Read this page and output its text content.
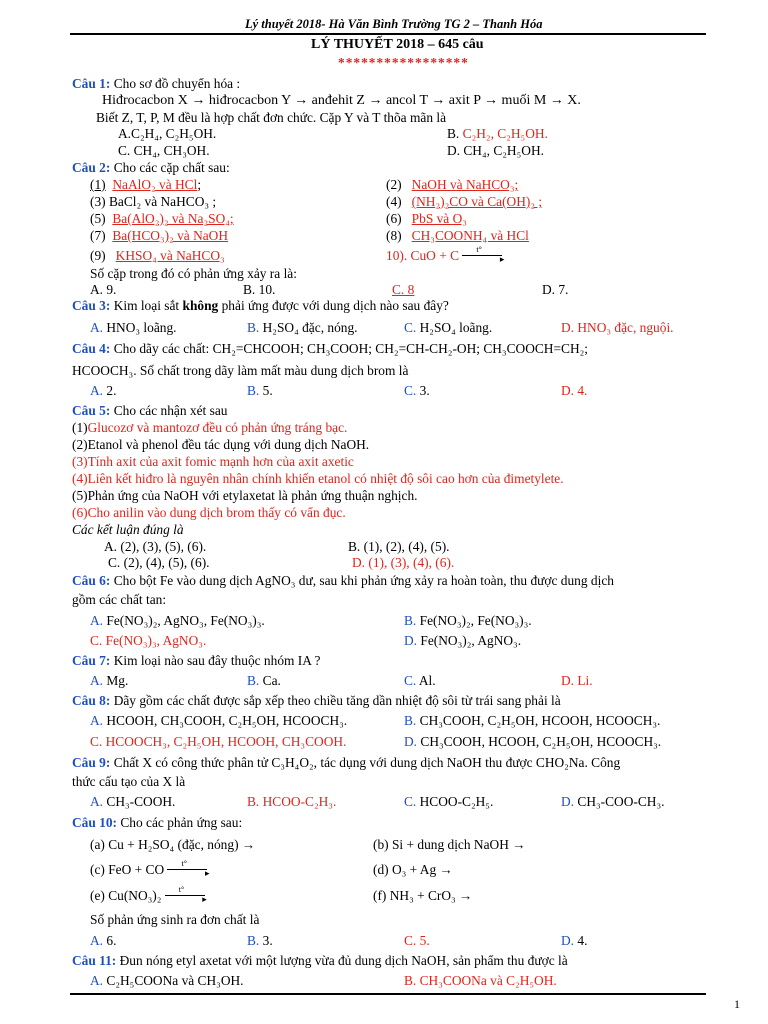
Lý thuyết 2018- Hà Văn Bình Trường TG 2 – Thanh Hóa
LÝ THUYẾT 2018 – 645 câu
*****************
Câu 1: Cho sơ đồ chuyển hóa :
Hiđrocacbon X → hiđrocacbon Y → anđehit Z → ancol T → axit P → muối M → X.
Biết Z, T, P, M đều là hợp chất đơn chức. Cặp Y và T thõa mãn là
A.C₂H₄, C₂H₅OH.	B. C₂H₂, C₂H₅OH.
C. CH₄, CH₃OH.	D. CH₄, C₂H₅OH.
Câu 2: Cho các cặp chất sau:
(1) NaAlO₂ và HCl;	(2) NaOH và NaHCO₃;
(3) BaCl₂ và NaHCO₃ ;	(4) (NH₂)₂CO và Ca(OH)₂ ;
(5) Ba(AlO₂)₂ và Na₂SO₄;	(6) PbS và O₃
(7) Ba(HCO₃)₂ và NaOH	(8) CH₃COONH₄ và HCl
(9) KHSO₄ và NaHCO₃	10). CuO + C t°
▸
Số cặp trong đó có phản ứng xảy ra là:
A. 9.	B. 10.	C. 8	D. 7.
Câu 3: Kim loại sắt không phải ứng được với dung dịch nào sau đây?
A. HNO₃ loãng.	B. H₂SO₄ đặc, nóng.	C. H₂SO₄ loãng.	D. HNO₃ đặc, nguội.
Câu 4: Cho dãy các chất: CH₂=CHCOOH; CH₃COOH; CH₂=CH-CH₂-OH; CH₃COOCH=CH₂;
HCOOCH₃. Số chất trong dãy làm mất màu dung dịch brom là
A. 2.	B. 5.	C. 3.	D. 4.
Câu 5: Cho các nhận xét sau
(1)Glucozơ và mantozơ đều có phản ứng tráng bạc.
(2)Etanol và phenol đều tác dụng với dung dịch NaOH.
(3)Tính axit của axit fomic mạnh hơn của axit axetic
(4)Liên kết hiđro là nguyên nhân chính khiến etanol có nhiệt độ sôi cao hơn của đimetylete.
(5)Phản ứng của NaOH với etylaxetat là phản ứng thuận nghịch.
(6)Cho anilin vào dung dịch brom thấy có vẩn đục.
Các kết luận đúng là
A. (2), (3), (5), (6).	B. (1), (2), (4), (5).
C. (2), (4), (5), (6).	D. (1), (3), (4), (6).
Câu 6: Cho bột Fe vào dung dịch AgNO₃ dư, sau khi phản ứng xảy ra hoàn toàn, thu được dung dịch
gồm các chất tan:
A. Fe(NO₃)₂, AgNO₃, Fe(NO₃)₃.	B. Fe(NO₃)₂, Fe(NO₃)₃.
C. Fe(NO₃)₃, AgNO₃.	D. Fe(NO₃)₂, AgNO₃.
Câu 7: Kim loại nào sau đây thuộc nhóm IA ?
A. Mg.	B. Ca.	C. Al.	D. Li.
Câu 8: Dãy gồm các chất được sắp xếp theo chiều tăng dần nhiệt độ sôi từ trái sang phải là
A. HCOOH, CH₃COOH, C₂H₅OH, HCOOCH₃.	B. CH₃COOH, C₂H₅OH, HCOOH, HCOOCH₃.
C. HCOOCH₃, C₂H₅OH, HCOOH, CH₃COOH.	D. CH₃COOH, HCOOH, C₂H₅OH, HCOOCH₃.
Câu 9: Chất X có công thức phân tử C₃H₄O₂, tác dụng với dung dịch NaOH thu được CHO₂Na. Công
thức cấu tạo của X là
A. CH₃-COOH.	B. HCOO-C₂H₃.	C. HCOO-C₂H₅.	D. CH₃-COO-CH₃.
Câu 10: Cho các phản ứng sau:
(a) Cu + H₂SO₄ (đặc, nóng) →	(b) Si + dung dịch NaOH →
(c) FeO + CO t°
▸	(d) O₃ + Ag →
(e) Cu(NO₃)₂ t°
▸	(f) NH₃ + CrO₃ →
Số phản ứng sinh ra đơn chất là
A. 6.	B. 3.	C. 5.	D. 4.
Câu 11: Đun nóng etyl axetat với một lượng vừa đủ dung dịch NaOH, sản phẩm thu được là
A. C₂H₅COONa và CH₃OH.	B. CH₃COONa và C₂H₅OH.
1
